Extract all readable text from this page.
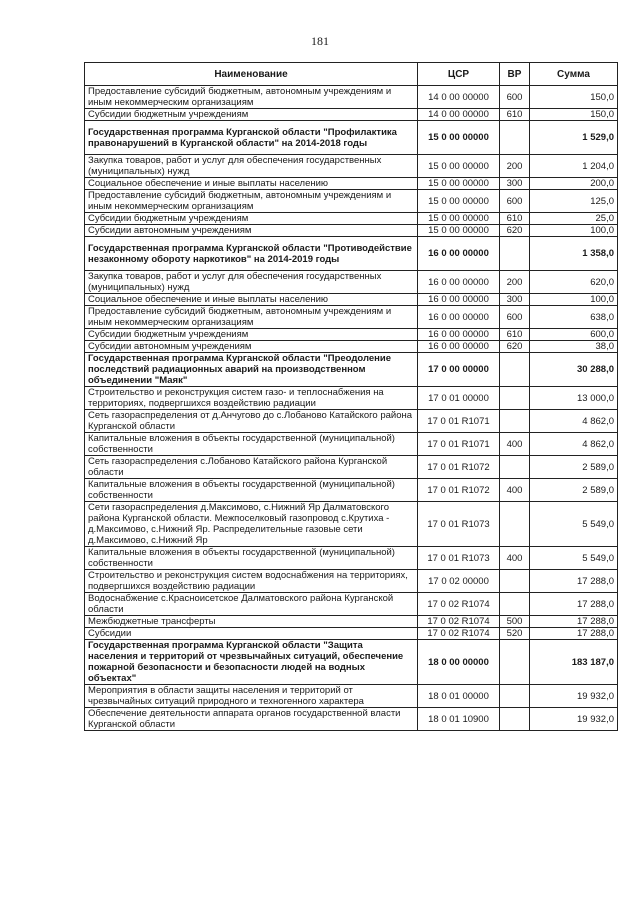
181
Наименование	ЦСР	ВР	Сумма
Предоставление субсидий бюджетным, автономным учреждениям и иным некоммерческим организациям	14 0 00 00000	600	150,0
Субсидии бюджетным учреждениям	14 0 00 00000	610	150,0
Государственная программа Курганской области "Профилактика правонарушений в Курганской области" на 2014-2018 годы	15 0 00 00000		1 529,0
Закупка товаров, работ и услуг для обеспечения государственных (муниципальных) нужд	15 0 00 00000	200	1 204,0
Социальное обеспечение и иные выплаты населению	15 0 00 00000	300	200,0
Предоставление субсидий бюджетным, автономным учреждениям и иным некоммерческим организациям	15 0 00 00000	600	125,0
Субсидии бюджетным учреждениям	15 0 00 00000	610	25,0
Субсидии автономным учреждениям	15 0 00 00000	620	100,0
Государственная программа Курганской области "Противодействие незаконному обороту наркотиков" на 2014-2019 годы	16 0 00 00000		1 358,0
Закупка товаров, работ и услуг для обеспечения государственных (муниципальных) нужд	16 0 00 00000	200	620,0
Социальное обеспечение и иные выплаты населению	16 0 00 00000	300	100,0
Предоставление субсидий бюджетным, автономным учреждениям и иным некоммерческим организациям	16 0 00 00000	600	638,0
Субсидии бюджетным учреждениям	16 0 00 00000	610	600,0
Субсидии автономным учреждениям	16 0 00 00000	620	38,0
Государственная программа Курганской области "Преодоление последствий радиационных аварий на производственном объединении "Маяк"	17 0 00 00000		30 288,0
Строительство и реконструкция систем газо- и теплоснабжения на территориях, подвергшихся воздействию радиации	17 0 01 00000		13 000,0
Сеть газораспределения от д.Анчугово до с.Лобаново Катайского района Курганской области	17 0 01 R1071		4 862,0
Капитальные вложения в объекты государственной (муниципальной) собственности	17 0 01 R1071	400	4 862,0
Сеть газораспределения с.Лобаново Катайского района Курганской области	17 0 01 R1072		2 589,0
Капитальные вложения в объекты государственной (муниципальной) собственности	17 0 01 R1072	400	2 589,0
Сети газораспределения д.Максимово, с.Нижний Яр Далматовского района Курганской области. Межпоселковый газопровод с.Крутиха - д.Максимово, с.Нижний Яр. Распределительные газовые сети д.Максимово, с.Нижний Яр	17 0 01 R1073		5 549,0
Капитальные вложения в объекты государственной (муниципальной) собственности	17 0 01 R1073	400	5 549,0
Строительство и реконструкция систем водоснабжения на территориях, подвергшихся воздействию радиации	17 0 02 00000		17 288,0
Водоснабжение с.Красноисетское Далматовского района Курганской области	17 0 02 R1074		17 288,0
Межбюджетные трансферты	17 0 02 R1074	500	17 288,0
Субсидии	17 0 02 R1074	520	17 288,0
Государственная программа Курганской области "Защита населения и территорий от чрезвычайных ситуаций, обеспечение пожарной безопасности и безопасности людей на водных объектах"	18 0 00 00000		183 187,0
Мероприятия в области защиты населения и территорий от чрезвычайных ситуаций природного и техногенного характера	18 0 01 00000		19 932,0
Обеспечение деятельности аппарата органов государственной власти Курганской области	18 0 01 10900		19 932,0
